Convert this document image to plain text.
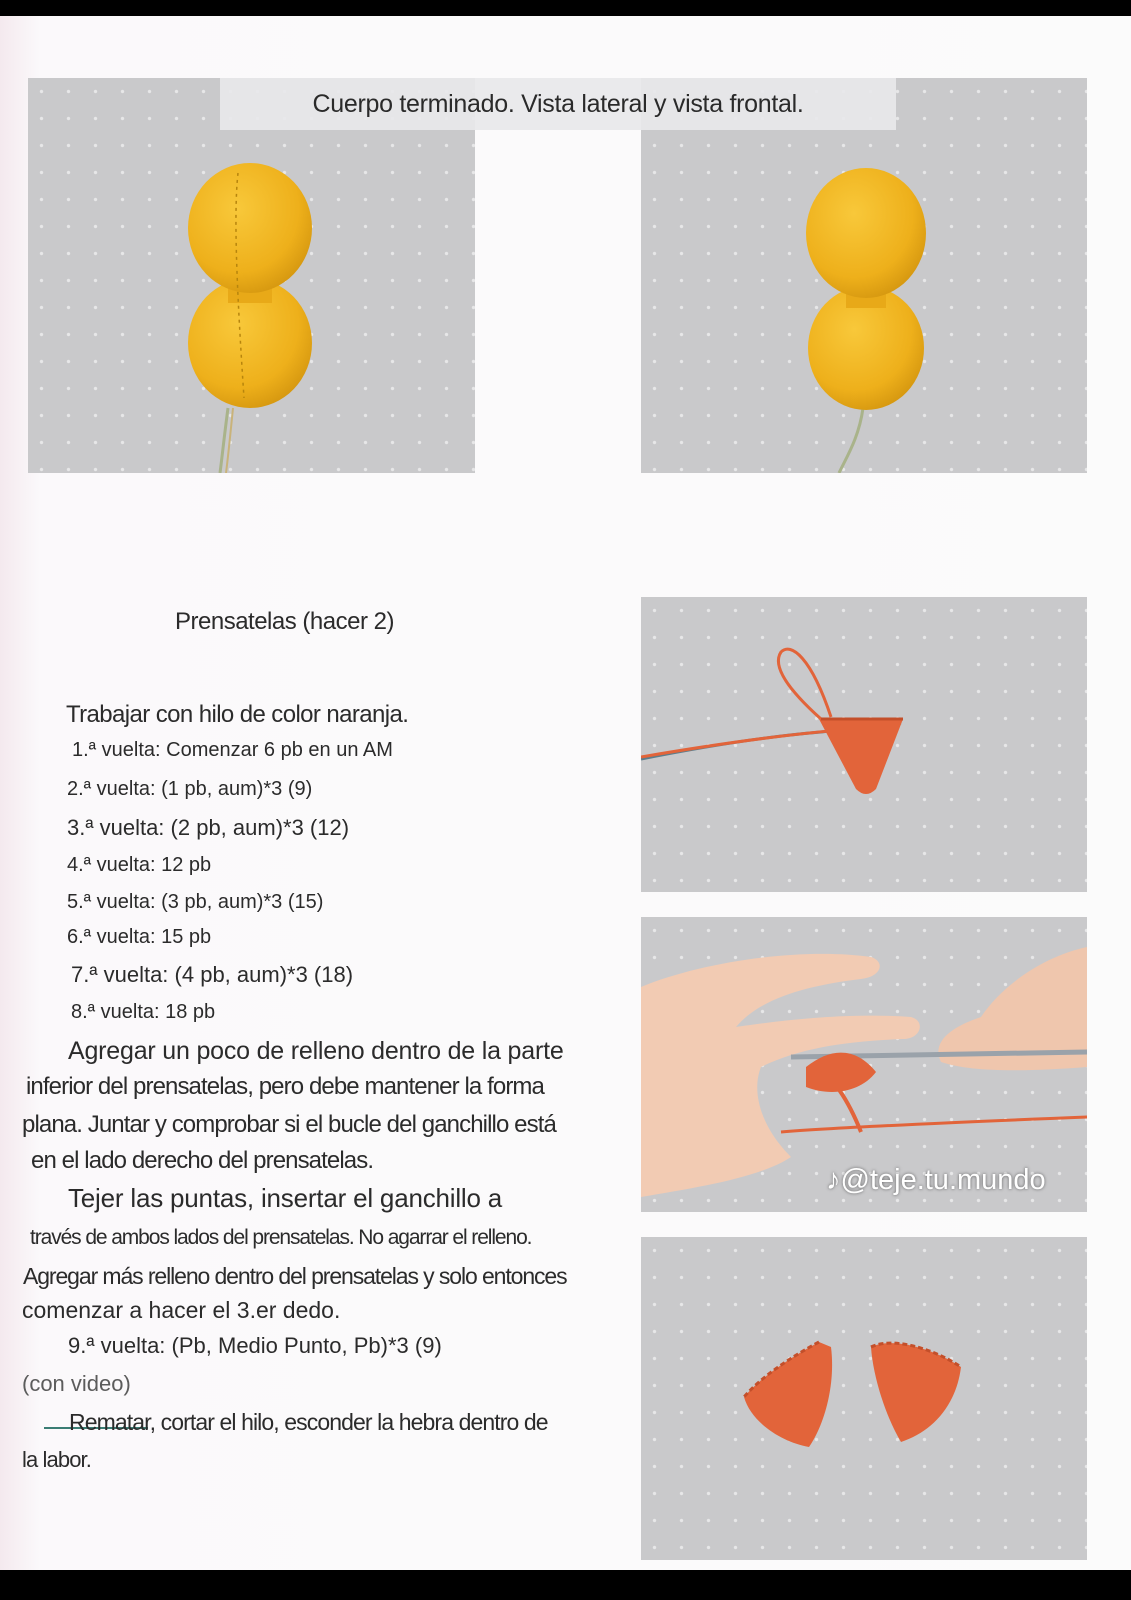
Cuerpo terminado. Vista lateral y vista frontal.
Prensatelas (hacer 2)
Trabajar con hilo de color naranja.
1.ª vuelta: Comenzar 6 pb en un AM
2.ª vuelta: (1 pb, aum)*3 (9)
3.ª vuelta: (2 pb, aum)*3 (12)
4.ª vuelta: 12 pb
5.ª vuelta: (3 pb, aum)*3 (15)
6.ª vuelta: 15 pb
7.ª vuelta: (4 pb, aum)*3 (18)
8.ª vuelta: 18 pb
Agregar un poco de relleno dentro de la parte
inferior del prensatelas, pero debe mantener la forma
plana. Juntar y comprobar si el bucle del ganchillo está
en el lado derecho del prensatelas.
Tejer las puntas, insertar el ganchillo a
través de ambos lados del prensatelas. No agarrar el relleno.
Agregar más relleno dentro del prensatelas y solo entonces
comenzar a hacer el 3.er dedo.
9.ª vuelta: (Pb, Medio Punto, Pb)*3 (9)
(con video)
Rematar, cortar el hilo, esconder la hebra dentro de
la labor.
♪@teje.tu.mundo
